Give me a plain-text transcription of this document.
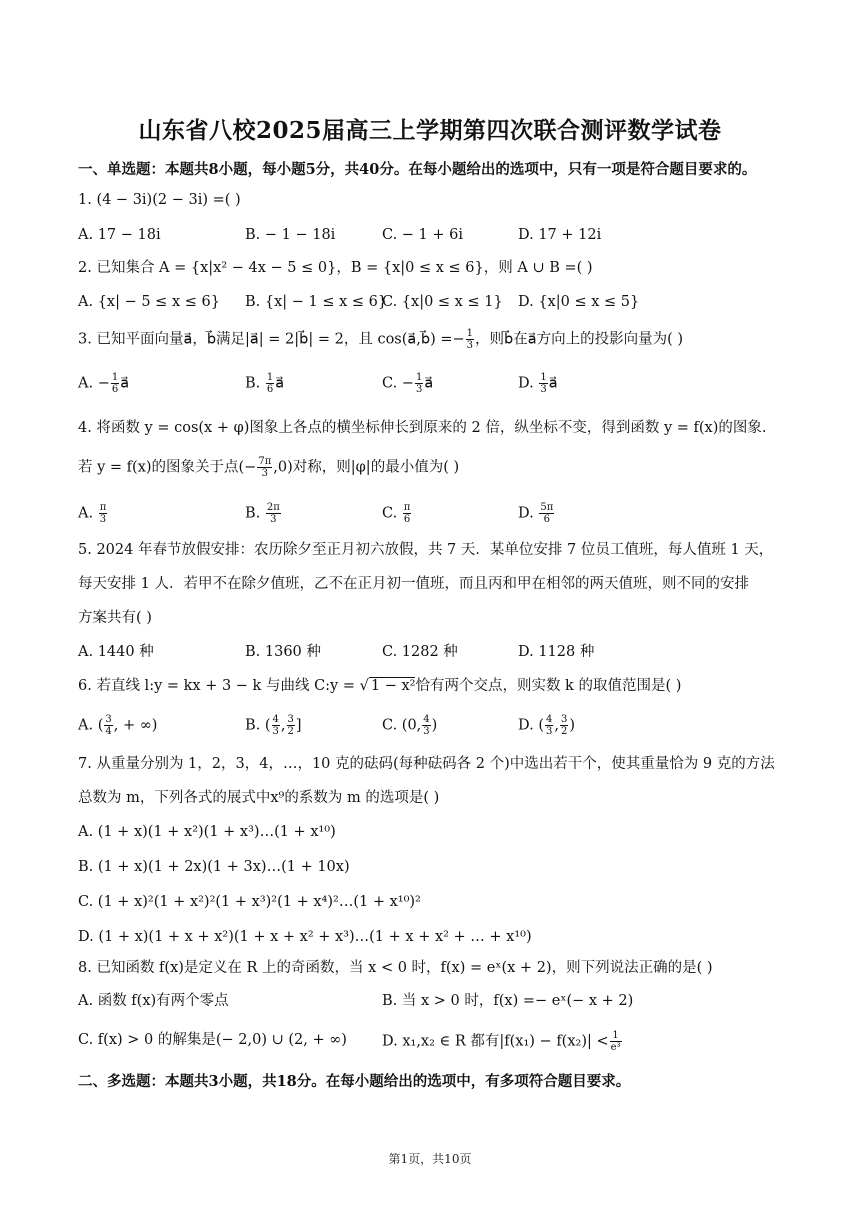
山东省八校2025届高三上学期第四次联合测评数学试卷
一、单选题：本题共8小题，每小题5分，共40分。在每小题给出的选项中，只有一项是符合题目要求的。
1. (4 − 3i)(2 − 3i) =( )
A. 17 − 18i	B. − 1 − 18i	C. − 1 + 6i	D. 17 + 12i
2. 已知集合 A = {x|x² − 4x − 5 ≤ 0}，B = {x|0 ≤ x ≤ 6}，则 A ∪ B =( )
A. {x| − 5 ≤ x ≤ 6} B. {x| − 1 ≤ x ≤ 6}
C. {x|0 ≤ x ≤ 1} D. {x|0 ≤ x ≤ 5}
3. 已知平面向量a⃗，b⃗满足|a⃗| = 2|b⃗| = 2，且 cos(a⃗,b⃗) =− $\frac{1}{3}$ ，则b⃗在a⃗方向上的投影向量为( )
A. − $\frac{1}{6}$ a⃗	B. $\frac{1}{6}$ a⃗	C. − $\frac{1}{3}$ a⃗	D. $\frac{1}{3}$ a⃗
4. 将函数 y = cos(x + φ)图象上各点的横坐标伸长到原来的 2 倍，纵坐标不变，得到函数 y = f(x)的图象.
若 y = f(x)的图象关于点(− $\frac{7\pi}{3} ,0$)对称，则|φ|的最小值为( )
A. $\frac{\pi}{3}$	B. $\frac{2\pi}{3}$	C. $\frac{\pi}{6}$	D. $\frac{5\pi}{6}$
5. 2024 年春节放假安排：农历除夕至正月初六放假，共 7 天．某单位安排 7 位员工值班，每人值班 1 天，
每天安排 1 人．若甲不在除夕值班，乙不在正月初一值班，而且丙和甲在相邻的两天值班，则不同的安排
方案共有( )
A. 1440 种	B. 1360 种	C. 1282 种	D. 1128 种
6. 若直线 l:y = kx + 3 − k 与曲线 C:y = √ 1 − x²恰有两个交点，则实数 k 的取值范围是( )
A. ( $\frac{3}{4}$ , + ∞)	B. ( $\frac{4}{3}$ , $\frac{3}{2}$ ]	C. (0, $\frac{4}{3}$ )	D. ( $\frac{4}{3}$ , $\frac{3}{2}$ )
7. 从重量分别为 1，2，3，4，…，10 克的砝码(每种砝码各 2 个)中选出若干个，使其重量恰为 9 克的方法
总数为 m，下列各式的展式中x⁹的系数为 m 的选项是( )
A. (1 + x)(1 + x²)(1 + x³)…(1 + x¹⁰)
B. (1 + x)(1 + 2x)(1 + 3x)…(1 + 10x)
C. (1 + x)²(1 + x²)²(1 + x³)²(1 + x⁴)²…(1 + x¹⁰)²
D. (1 + x)(1 + x + x²)(1 + x + x² + x³)…(1 + x + x² + … + x¹⁰)
8. 已知函数 f(x)是定义在 R 上的奇函数，当 x < 0 时，f(x) = eˣ(x + 2)，则下列说法正确的是( )
A. 函数 f(x)有两个零点	B. 当 x > 0 时，f(x) =− eˣ(− x + 2)
C. f(x) > 0 的解集是(− 2,0) ∪ (2, + ∞) D. x₁,x₂ ∈ R 都有$|f(x_1) - f(x_2)| < \frac{1}{\text{e³}}$
二、多选题：本题共3小题，共18分。在每小题给出的选项中，有多项符合题目要求。
第1页，共10页
